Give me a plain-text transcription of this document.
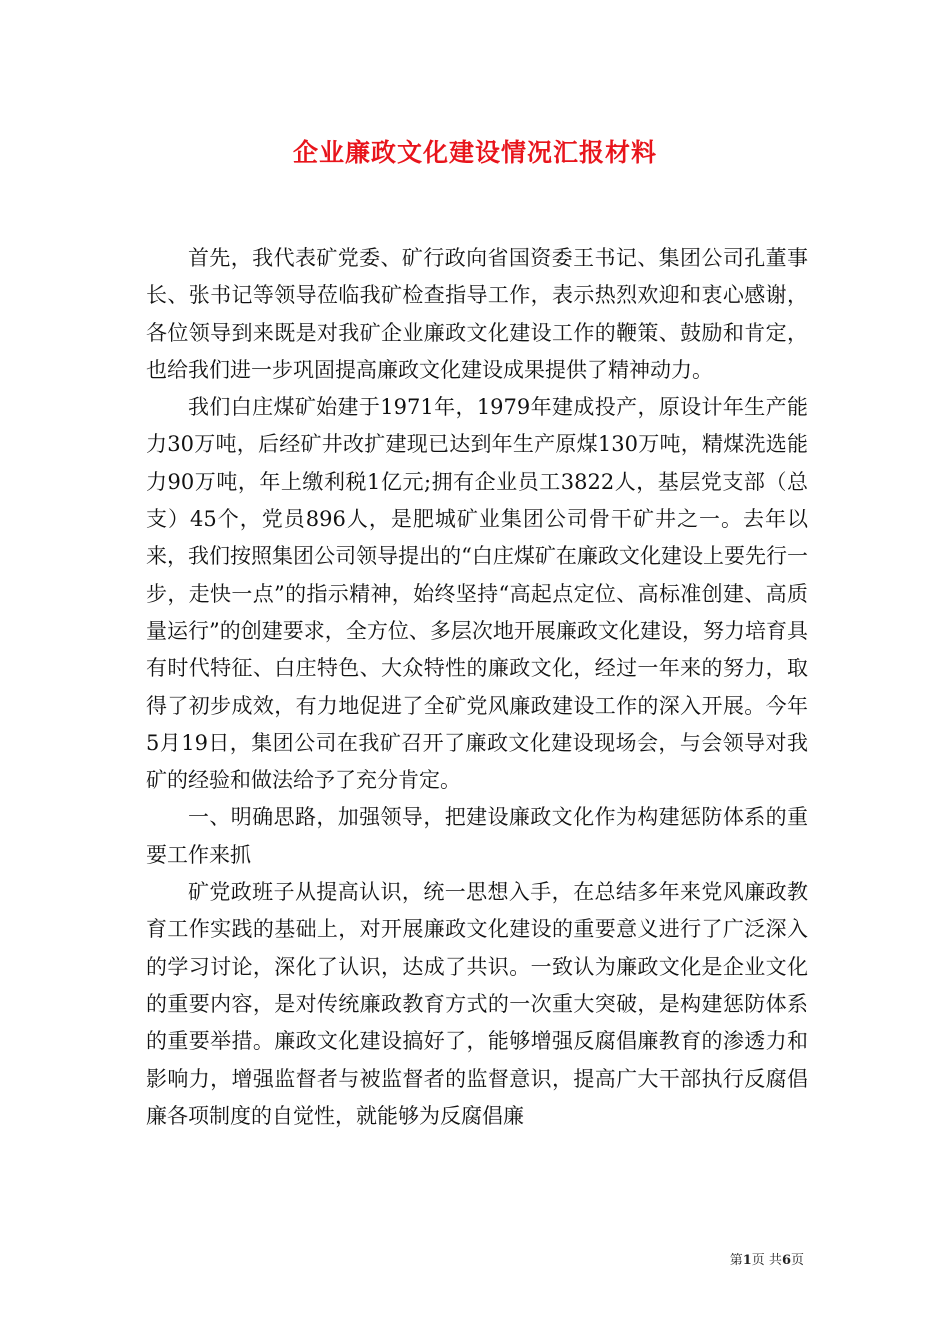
企业廉政文化建设情况汇报材料

首先，我代表矿党委、矿行政向省国资委王书记、集团公司孔董事长、张书记等领导莅临我矿检查指导工作，表示热烈欢迎和衷心感谢，各位领导到来既是对我矿企业廉政文化建设工作的鞭策、鼓励和肯定，也给我们进一步巩固提高廉政文化建设成果提供了精神动力。

我们白庄煤矿始建于1971年，1979年建成投产，原设计年生产能力30万吨，后经矿井改扩建现已达到年生产原煤130万吨，精煤洗选能力90万吨，年上缴利税1亿元;拥有企业员工3822人，基层党支部（总支）45个，党员896人，是肥城矿业集团公司骨干矿井之一。去年以来，我们按照集团公司领导提出的“白庄煤矿在廉政文化建设上要先行一步，走快一点”的指示精神，始终坚持“高起点定位、高标准创建、高质量运行”的创建要求，全方位、多层次地开展廉政文化建设，努力培育具有时代特征、白庄特色、大众特性的廉政文化，经过一年来的努力，取得了初步成效，有力地促进了全矿党风廉政建设工作的深入开展。今年5月19日，集团公司在我矿召开了廉政文化建设现场会，与会领导对我矿的经验和做法给予了充分肯定。

一、明确思路，加强领导，把建设廉政文化作为构建惩防体系的重要工作来抓

矿党政班子从提高认识，统一思想入手，在总结多年来党风廉政教育工作实践的基础上，对开展廉政文化建设的重要意义进行了广泛深入的学习讨论，深化了认识，达成了共识。一致认为廉政文化是企业文化的重要内容，是对传统廉政教育方式的一次重大突破，是构建惩防体系的重要举措。廉政文化建设搞好了，能够增强反腐倡廉教育的渗透力和影响力，增强监督者与被监督者的监督意识，提高广大干部执行反腐倡廉各项制度的自觉性，就能够为反腐倡廉

第1页 共6页
